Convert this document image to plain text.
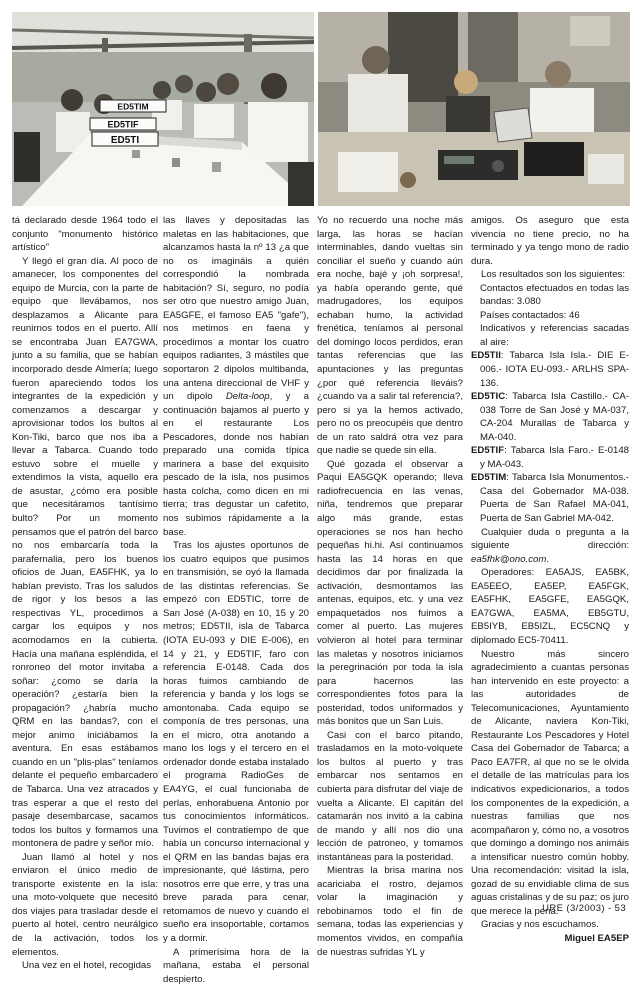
ED5TIM
ED5TIF
ED5TI

tá declarado desde 1964 todo el conjunto "monumento histórico artístico"

Y llegó el gran día. Al poco de amanecer, los componentes del equipo de Murcia, con la parte de equipo que llevábamos, nos desplazamos a Alicante para reunirnos todos en el puerto. Allí se encontraba Juan EA7GWA, junto a su familia, que se habían incorporado desde Almería; luego fueron apareciendo todos los integrantes de la expedición y comenzamos a descargar y aprovisionar todos los bultos al Kon-Tiki, barco que nos iba a llevar a Tabarca. Cuando todo estuvo sobre el muelle y extendimos la vista, aquello era de asustar, ¿cómo era posible que necesitáramos tantísimo bulto? Por un momento pensamos que el patrón del barco no nos embarcaría toda la parafernalia, pero los buenos oficios de Juan, EA5FHK, ya lo habían previsto. Tras los saludos de rigor y los besos a las respectivas YL, procedimos a cargar los equipos y nos acomodamos en la cubierta. Hacía una mañana espléndida, el ronroneo del motor invitaba a soñar: ¿como se daría la operación? ¿estaría bien la propagación? ¿habría mucho QRM en las bandas?, con el mejor animo iniciábamos la aventura. En esas estábamos cuando en un "plis-plas" teníamos delante el pequeño embarcadero de Tabarca. Una vez atracados y tras esperar a que el resto del pasaje desembarcase, sacamos todos los bultos y formamos una montonera de padre y señor mío.

Juan llamó al hotel y nos enviaron el único medio de transporte existente en la isla: una moto-volquete que necesitó dos viajes para trasladar desde el puerto al hotel, centro neurálgico de la activación, todos los elementos.

Una vez en el hotel, recogidas

las llaves y depositadas las maletas en las habitaciones, que alcanzamos hasta la nº 13 ¿a que no os imagináis a quién correspondió la nombrada habitación? Sí, seguro, no podía ser otro que nuestro amigo Juan, EA5GFE, el famoso EA5 "gafe"), nos metimos en faena y procedimos a montar los cuatro equipos radiantes, 3 mástiles que soportaron 2 dipolos multibanda, una antena direccional de VHF y un dipolo Delta-loop, y a continuación bajamos al puerto y en el restaurante Los Pescadores, donde nos habían preparado una comida típica marinera a base del exquisito pescado de la isla, nos pusimos hasta colcha, como dicen en mi tierra; tras degustar un cafetito, nos subimos rápidamente a la base.

Tras los ajustes oportunos de los cuatro equipos que pusimos en transmisión, se oyó la llamada de las distintas referencias. Se empezó con ED5TIC, torre de San José (A-038) en 10, 15 y 20 metros; ED5TII, isla de Tabarca (IOTA EU-093 y DIE E-006), en 14 y 21, y ED5TIF, faro con referencia E-0148. Cada dos horas fuimos cambiando de referencia y banda y los logs se amontonaba. Cada equipo se componía de tres personas, una en el micro, otra anotando a mano los logs y el tercero en el ordenador donde estaba instalado el programa RadioGes de EA4YG, el cual funcionaba de perlas, enhorabuena Antonio por tus conocimientos informáticos. Tuvimos el contratiempo de que había un concurso internacional y el QRM en las bandas bajas era impresionante, qué lástima, pero nosotros erre que erre, y tras una breve parada para cenar, retomamos de nuevo y cuando el sueño era insoportable, cortamos y a dormir.

A primerísima hora de la mañana, estaba el personal despierto.

Yo no recuerdo una noche más larga, las horas se hacían interminables, dando vueltas sin conciliar el sueño y cuando aún era noche, bajé y ¡oh sorpresa!, ya había operando gente, qué madrugadores, los equipos echaban humo, la actividad frenética, teníamos al personal del domingo locos perdidos, eran tantas referencias que las apuntaciones y las preguntas ¿por qué referencia lleváis? ¿cuando va a salir tal referencia?, pero si ya la hemos activado, pero no os preocupéis que dentro de un rato saldrá otra vez para que nadie se quede sin ella.

Qué gozada el observar a Paqui EA5GQK operando; lleva radiofrecuencia en las venas, niña, tendremos que preparar algo más grande, estas operaciones se nos han hecho pequeñas hi.hi. Así continuamos hasta las 14 horas en que decidimos dar por finalizada la activación, desmontamos las antenas, equipos, etc. y una vez empaquetados nos fuimos a comer al puerto. Las mujeres volvieron al hotel para terminar las maletas y nosotros iniciamos la peregrinación por toda la isla para hacernos las correspondientes fotos para la posteridad, todos uniformados y más bonitos que un San Luis.

Casi con el barco pitando, trasladamos en la moto-volquete los bultos al puerto y tras embarcar nos sentamos en cubierta para disfrutar del viaje de vuelta a Alicante. El capitán del catamarán nos invitó a la cabina de mando y allí nos dio una lección de patroneo, y tomamos instantáneas para la posteridad.

Mientras la brisa marina nos acariciaba el rostro, dejamos volar la imaginación y rebobinamos todo el fin de semana, todas las experiencias y momentos vividos, en compañía de nuestras sufridas YL y

amigos. Os aseguro que esta vivencia no tiene precio, no ha terminado y ya tengo mono de radio dura.

Los resultados son los siguientes:

Contactos efectuados en todas las bandas: 3.080

Países contactados: 46

Indicativos y referencias sacadas al aire:

ED5TII: Tabarca Isla Isla.- DIE E-006.- IOTA EU-093.- ARLHS SPA-136.

ED5TIC: Tabarca Isla Castillo.- CA-038 Torre de San José y MA-037, CA-204 Murallas de Tabarca y MA-040.

ED5TIF: Tabarca Isla Faro.- E-0148 y MA-043.

ED5TIM: Tabarca Isla Monumentos.- Casa del Gobernador MA-038. Puerta de San Rafael MA-041, Puerta de San Gabriel MA-042.

Cualquier duda o pregunta a la siguiente dirección: ea5fhk@ono.com.

Operadores: EA5AJS, EA5BK, EA5EEO, EA5EP, EA5FGK, EA5FHK, EA5GFE, EA5GQK, EA7GWA, EA5MA, EB5GTU, EB5IYB, EB5IZL, EC5CNQ y diplomado EC5-70411.

Nuestro más sincero agradecimiento a cuantas personas han intervenido en este proyecto: a las autoridades de Telecomunicaciones, Ayuntamiento de Alicante, naviera Kon-Tiki, Restaurante Los Pescadores y Hotel Casa del Gobernador de Tabarca; a Paco EA7FR, al que no se le olvida el detalle de las matrículas para los indicativos expedicionarios, a todos los componentes de la expedición, a nuestras familias que nos acompañaron y, cómo no, a vosotros que domingo a domingo nos animáis a intensificar nuestro común hobby. Una recomendación: visitad la isla, gozad de su envidiable clima de sus aguas cristalinas y de su paz; os juro que merece la pena.

Gracias y nos escuchamos.

Miguel EA5EP

URE (3/2003) - 53
